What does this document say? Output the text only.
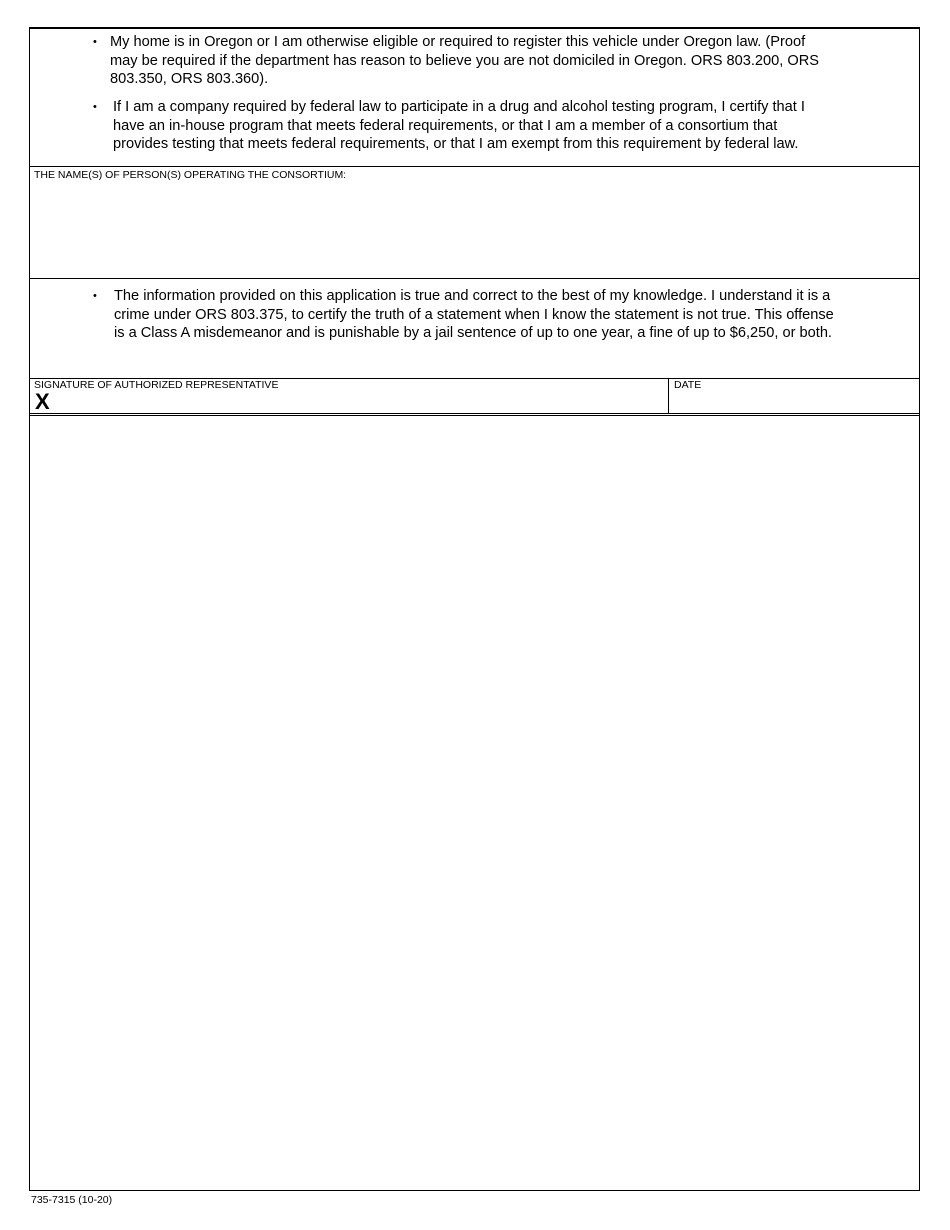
• My home is in Oregon or I am otherwise eligible or required to register this vehicle under Oregon law. (Proof
may be required if the department has reason to believe you are not domiciled in Oregon. ORS 803.200, ORS
803.350, ORS 803.360).
• If I am a company required by federal law to participate in a drug and alcohol testing program, I certify that I
have an in-house program that meets federal requirements, or that I am a member of a consortium that
provides testing that meets federal requirements, or that I am exempt from this requirement by federal law.
THE NAME(S) OF PERSON(S) OPERATING THE CONSORTIUM:
• The information provided on this application is true and correct to the best of my knowledge. I understand it is a
crime under ORS 803.375, to certify the truth of a statement when I know the statement is not true. This offense
is a Class A misdemeanor and is punishable by a jail sentence of up to one year, a fine of up to $6,250, or both.
SIGNATURE OF AUTHORIZED REPRESENTATIVE
X
DATE
735-7315 (10-20)
